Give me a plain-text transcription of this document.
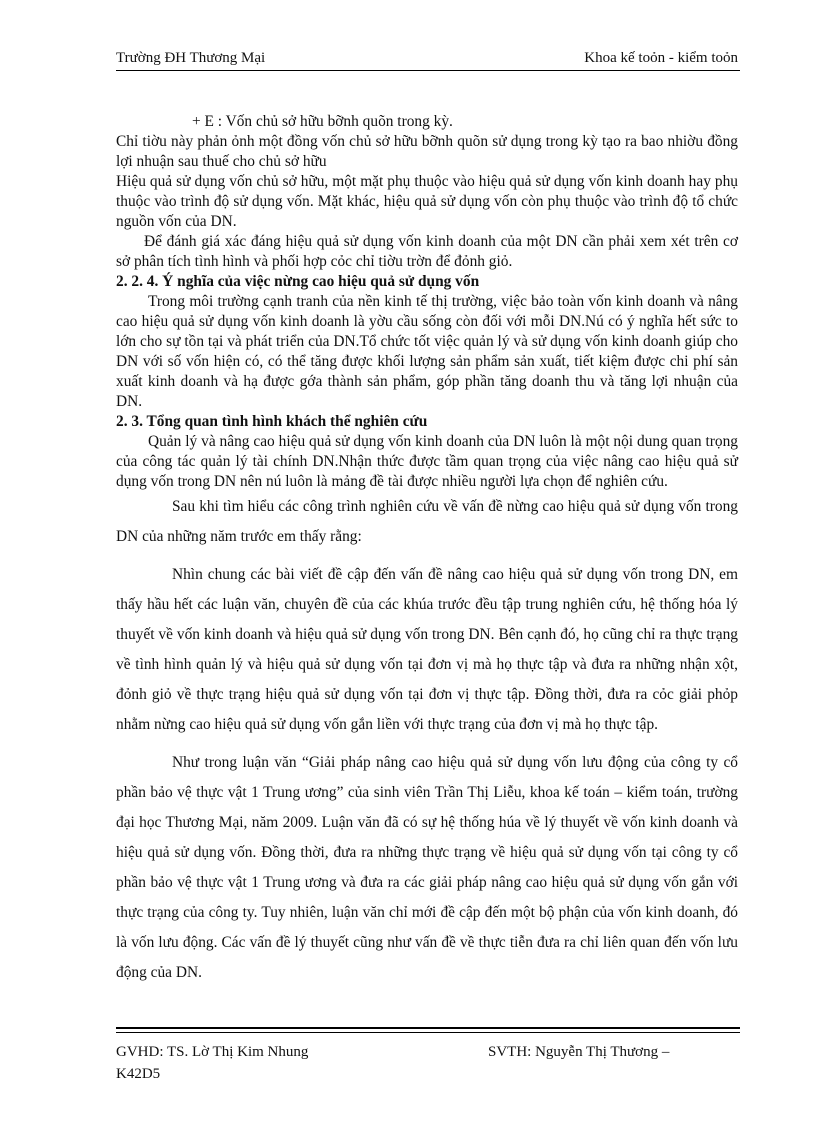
Trường ĐH Thương Mại	Khoa kế toỏn - kiểm toỏn

+ E : Vốn chủ sở hữu bỡnh quõn trong kỳ.

Chỉ tiờu này phản ỏnh một đồng vốn chủ sở hữu bỡnh quõn sử dụng trong kỳ tạo ra bao nhiờu đồng lợi nhuận sau thuế cho chủ sở hữu

Hiệu quả sử dụng vốn chủ sở hữu, một mặt phụ thuộc vào hiệu quả sử dụng vốn kinh doanh hay phụ thuộc vào trình độ sử dụng vốn. Mặt khác, hiệu quả sử dụng vốn còn phụ thuộc vào trình độ tổ chức nguồn vốn của DN.

Để đánh giá xác đáng hiệu quả sử dụng vốn kinh doanh của một DN cần phải xem xét trên cơ sở phân tích tình hình và phối hợp cỏc chỉ tiờu trờn để đỏnh giỏ.

2. 2. 4. Ý nghĩa của việc nừng cao hiệu quả sử dụng vốn

Trong môi trường cạnh tranh của nền kinh tế thị trường, việc bảo toàn vốn kinh doanh và nâng cao hiệu quả sử dụng vốn kinh doanh là yờu cầu sống còn đối với mỗi DN.Nú có ý nghĩa hết sức to lớn cho sự tồn tại và phát triển của DN.Tổ chức tốt việc quản lý và sử dụng vốn kinh doanh giúp cho DN với số vốn hiện có, có thể tăng được khối lượng sản phẩm sản xuất, tiết kiệm được chi phí sản xuất kinh doanh và hạ được gớa thành sản phẩm, góp phần tăng doanh thu và tăng lợi nhuận của DN.

2. 3. Tổng quan tình hình khách thể nghiên cứu

Quản lý và nâng cao hiệu quả sử dụng vốn kinh doanh của DN luôn là một nội dung quan trọng của công tác quản lý tài chính DN.Nhận thức được tầm quan trọng của việc nâng cao hiệu quả sử dụng vốn trong DN nên nú luôn là mảng đề tài được nhiều người lựa chọn để nghiên cứu.

Sau khi tìm hiểu các công trình nghiên cứu về vấn đề nừng cao hiệu quả sử dụng vốn trong DN của những năm trước em thấy rằng:

Nhìn chung các bài viết đề cập đến vấn đề nâng cao hiệu quả sử dụng vốn trong DN, em thấy hầu hết các luận văn, chuyên đề của các khúa trước đều tập trung nghiên cứu, hệ thống hóa lý thuyết về vốn kinh doanh và hiệu quả sử dụng vốn trong DN. Bên cạnh đó, họ cũng chỉ ra thực trạng về tình hình quản lý và hiệu quả sử dụng vốn tại đơn vị mà họ thực tập và đưa ra những nhận xột, đỏnh giỏ về thực trạng hiệu quả sử dụng vốn tại đơn vị thực tập. Đồng thời, đưa ra cỏc giải phỏp nhằm nừng cao hiệu quả sử dụng vốn gắn liền với thực trạng của đơn vị mà họ thực tập.

Như trong luận văn “Giải pháp nâng cao hiệu quả sử dụng vốn lưu động của công ty cổ phần bảo vệ thực vật 1 Trung ương” của sinh viên Trần Thị Liễu, khoa kế toán – kiểm toán, trường đại học Thương Mại, năm 2009. Luận văn đã có sự hệ thống húa về lý thuyết về vốn kinh doanh và hiệu quả sử dụng vốn. Đồng thời, đưa ra những thực trạng về hiệu quả sử dụng vốn tại công ty cổ phần bảo vệ thực vật 1 Trung ương và đưa ra các giải pháp nâng cao hiệu quả sử dụng vốn gắn với thực trạng của công ty. Tuy nhiên, luận văn chỉ mới đề cập đến một bộ phận của vốn kinh doanh, đó là vốn lưu động. Các vấn đề lý thuyết cũng như vấn đề về thực tiễn đưa ra chỉ liên quan đến vốn lưu động của DN.

GVHD: TS. Lờ Thị Kim Nhung	SVTH: Nguyễn Thị Thương –
K42D5
